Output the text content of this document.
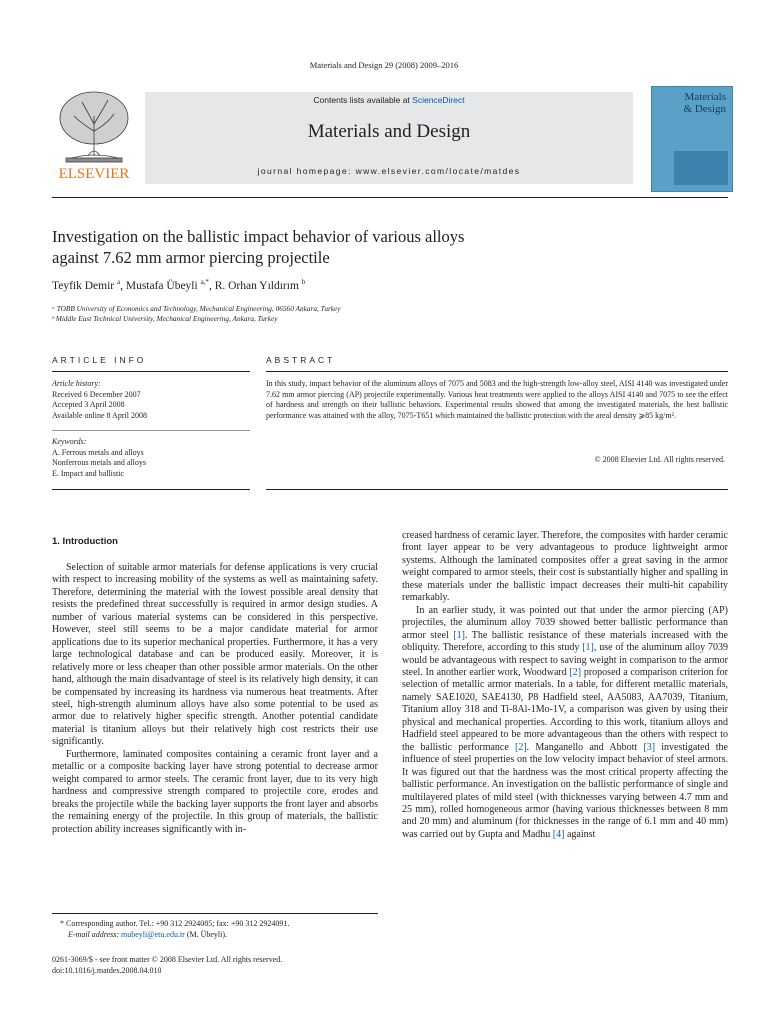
Materials and Design 29 (2008) 2009–2016
ELSEVIER
Contents lists available at ScienceDirect
Materials and Design
journal homepage: www.elsevier.com/locate/matdes
Materials
& Design
Investigation on the ballistic impact behavior of various alloys
against 7.62 mm armor piercing projectile
Teyfik Demir $^a$, Mustafa Übeyli $^{a,*}$, R. Orhan Yıldırım $^b$
ᵃ TOBB University of Economics and Technology, Mechanical Engineering, 06560 Ankara, Turkey
ᵇ Middle East Technical University, Mechanical Engineering, Ankara, Turkey
ARTICLE INFO	ABSTRACT
Article history:
Received 6 December 2007
Accepted 3 April 2008
Available online 8 April 2008
Keywords:
A. Ferrous metals and alloys
Nonferrous metals and alloys
E. Impact and ballistic
In this study, impact behavior of the aluminum alloys of 7075 and 5083 and the high-strength low-alloy steel, AISI 4140 was investigated under 7.62 mm armor piercing (AP) projectile experimentally. Various heat treatments were applied to the alloys AISI 4140 and 7075 to see the effect of hardness and strength on their ballistic behaviors. Experimental results showed that among the investigated materials, the best ballistic performance was attained with the alloy, 7075-T651 which maintained the ballistic protection with the areal density ⩾85 kg/m².
© 2008 Elsevier Ltd. All rights reserved.
1. Introduction

Selection of suitable armor materials for defense applications is very crucial with respect to increasing mobility of the systems as well as maintaining safety. Therefore, determining the material with the lowest possible areal density that resists the predefined threat successfully is required in armor design studies. A number of various material systems can be considered in this perspective. However, steel still seems to be a major candidate material for armor applications due to its superior mechanical properties. Furthermore, it has a very large technological database and can be produced easily. Moreover, it is relatively more or less cheaper than other possible armor materials. On the other hand, although the main disadvantage of steel is its relatively high density, it can be compensated by increasing its hardness via numerous heat treatments. After steel, high-strength aluminum alloys have also some potential to be used as armor due to relatively higher specific strength. Another potential candidate material is titanium alloys but their relatively high cost restricts their use significantly.

Furthermore, laminated composites containing a ceramic front layer and a metallic or a composite backing layer have strong potential to decrease armor weight compared to armor steels. The ceramic front layer, due to its very high hardness and compressive strength compared to projectile core, erodes and breaks the projectile while the backing layer supports the front layer and absorbs the remaining energy of the projectile. In this group of materials, the ballistic protection ability increases significantly with in-

creased hardness of ceramic layer. Therefore, the composites with harder ceramic front layer appear to be very advantageous to produce lightweight armor systems. Although the laminated composites offer a great saving in the armor weight compared to armor steels, their cost is substantially higher and spalling in these materials under the ballistic impact decreases their multi-hit capability remarkably.

In an earlier study, it was pointed out that under the armor piercing (AP) projectiles, the aluminum alloy 7039 showed better ballistic performance than armor steel [1]. The ballistic resistance of these materials increased with the obliquity. Therefore, according to this study [1], use of the aluminum alloy 7039 would be advantageous with respect to saving weight in comparison to the armor steel. In another earlier work, Woodward [2] proposed a comparison criterion for selection of metallic armor materials. In a table, for different metallic materials, namely SAE1020, SAE4130, P8 Hadfield steel, AA5083, AA7039, Titanium, Titanium alloy 318 and Ti-8Al-1Mo-1V, a comparison was given by using their physical and mechanical properties. According to this work, titanium alloys and Hadfield steel appeared to be more advantageous than the others with respect to the ballistic performance [2]. Manganello and Abbott [3] investigated the influence of steel properties on the low velocity impact behavior of steel armors. It was figured out that the hardness was the most critical property affecting the ballistic performance. An investigation on the ballistic performance of single and multilayered plates of mild steel (with thicknesses varying between 4.7 mm and 25 mm), rolled homogeneous armor (having various thicknesses between 8 mm and 20 mm) and aluminum (for thicknesses in the range of 6.1 mm and 40 mm) was carried out by Gupta and Madhu [4] against

* Corresponding author. Tel.: +90 312 2924085; fax: +90 312 2924091.
E-mail address: mubeyli@etu.edu.tr (M. Übeyli).
0261-3069/$ - see front matter © 2008 Elsevier Ltd. All rights reserved.
doi:10.1016/j.matdes.2008.04.010
